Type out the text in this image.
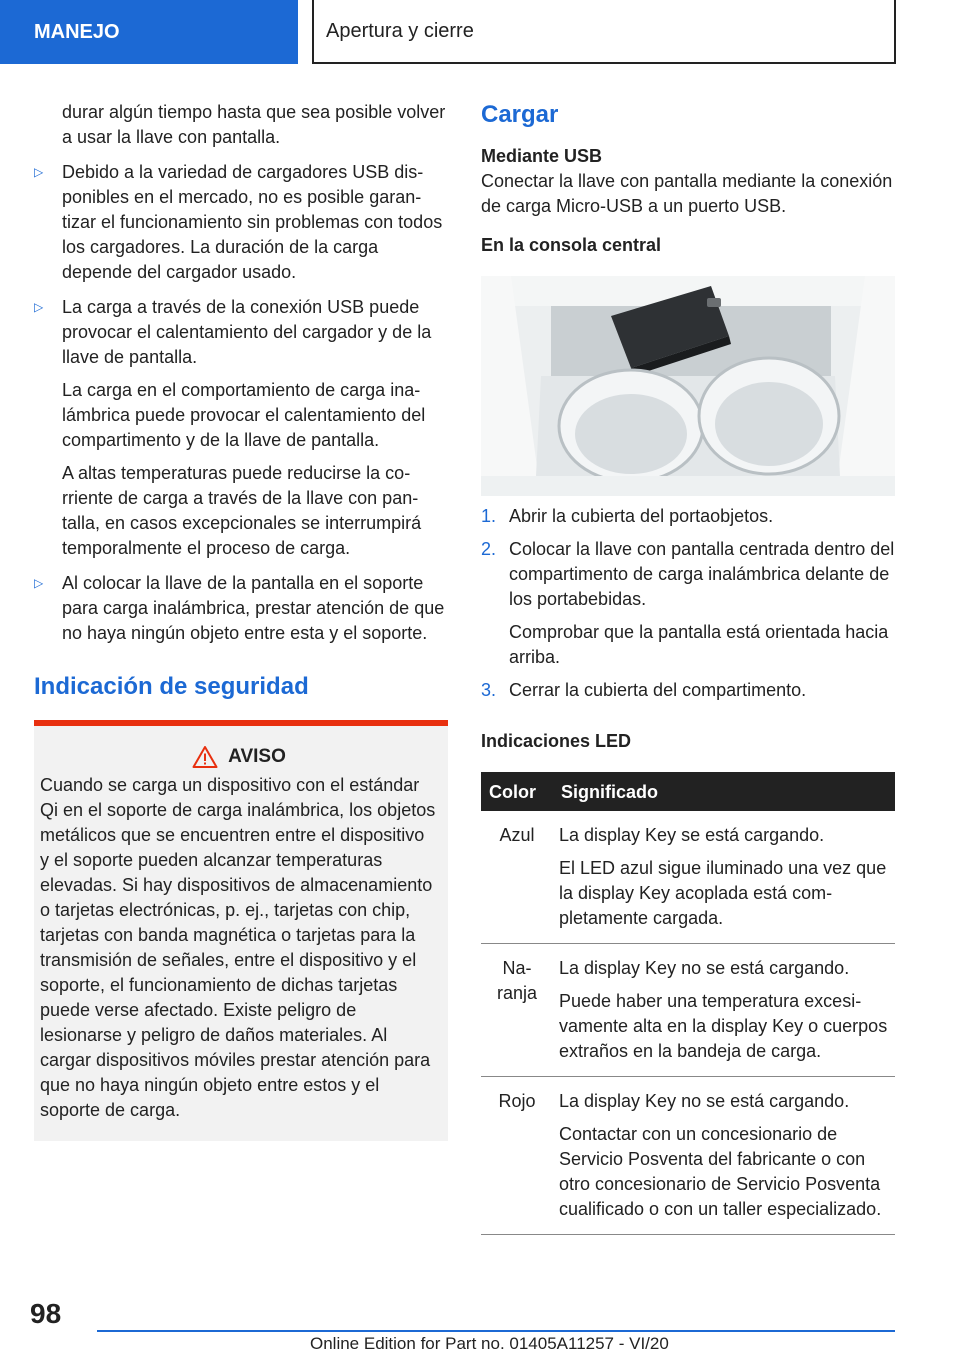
MANEJO	Apertura y cierre

durar algún tiempo hasta que sea posible volver a usar la llave con pantalla.

▷ Debido a la variedad de cargadores USB disponibles en el mercado, no es posible garantizar el funcionamiento sin problemas con todos los cargadores. La duración de la carga depende del cargador usado.

▷ La carga a través de la conexión USB puede provocar el calentamiento del cargador y de la llave de pantalla.

La carga en el comportamiento de carga inalámbrica puede provocar el calentamiento del compartimento y de la llave de pantalla.

A altas temperaturas puede reducirse la corriente de carga a través de la llave con pantalla, en casos excepcionales se interrumpirá temporalmente el proceso de carga.

▷ Al colocar la llave de la pantalla en el soporte para carga inalámbrica, prestar atención de que no haya ningún objeto entre esta y el soporte.

Indicación de seguridad
AVISO

Cuando se carga un dispositivo con el estándar Qi en el soporte de carga inalámbrica, los objetos metálicos que se encuentren entre el dispositivo y el soporte pueden alcanzar temperaturas elevadas. Si hay dispositivos de almacenamiento o tarjetas electrónicas, p. ej., tarjetas con chip, tarjetas con banda magnética o tarjetas para la transmisión de señales, entre el dispositivo y el soporte, el funcionamiento de dichas tarjetas puede verse afectado. Existe peligro de lesionarse y peligro de daños materiales. Al cargar dispositivos móviles prestar atención para que no haya ningún objeto entre estos y el soporte de carga.

Cargar
Mediante USB

Conectar la llave con pantalla mediante la conexión de carga Micro-USB a un puerto USB.

En la consola central
1. Abrir la cubierta del portaobjetos.

2. Colocar la llave con pantalla centrada dentro del compartimento de carga inalámbrica delante de los portabebidas.

Comprobar que la pantalla está orientada hacia arriba.

3. Cerrar la cubierta del compartimento.

Indicaciones LED
Color	Significado
Azul	La display Key se está cargando.

El LED azul sigue iluminado una vez que la display Key acoplada está completamente cargada.

Naranja	La display Key no se está cargando.

Puede haber una temperatura excesivamente alta en la display Key o cuerpos extraños en la bandeja de carga.

Rojo	La display Key no se está cargando.

Contactar con un concesionario de Servicio Posventa del fabricante o con otro concesionario de Servicio Posventa cualificado o con un taller especializado.

98
Online Edition for Part no. 01405A11257 - VI/20
